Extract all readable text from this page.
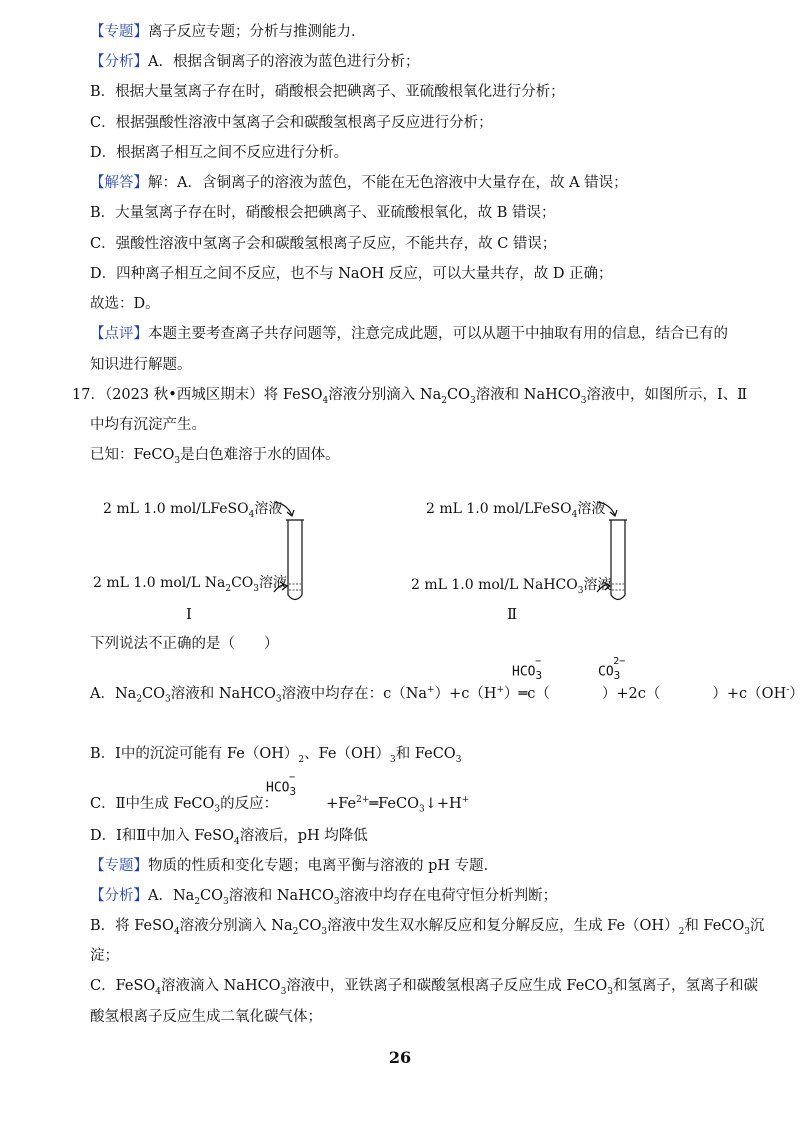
【专题】离子反应专题；分析与推测能力．
【分析】A．根据含铜离子的溶液为蓝色进行分析；
B．根据大量氢离子存在时，硝酸根会把碘离子、亚硫酸根氧化进行分析；
C．根据强酸性溶液中氢离子会和碳酸氢根离子反应进行分析；
D．根据离子相互之间不反应进行分析。
【解答】解：A．含铜离子的溶液为蓝色，不能在无色溶液中大量存在，故 A 错误；
B．大量氢离子存在时，硝酸根会把碘离子、亚硫酸根氧化，故 B 错误；
C．强酸性溶液中氢离子会和碳酸氢根离子反应，不能共存，故 C 错误；
D．四种离子相互之间不反应，也不与 NaOH 反应，可以大量共存，故 D 正确；
故选：D。
【点评】本题主要考查离子共存问题等，注意完成此题，可以从题干中抽取有用的信息，结合已有的
知识进行解题。
17．（2023 秋•西城区期末）将 FeSO$_4$溶液分别滴入 $Na_2CO_3$溶液和 NaHCO$_3$溶液中，如图所示，Ⅰ、Ⅱ
中均有沉淀产生。
已知：FeCO$_3$是白色难溶于水的固体。
2 mL 1.0 mol/LFeSO$_4$溶液
2 mL 1.0 mol/L $Na_2CO_3$溶液
Ⅰ
2 mL 1.0 mol/LFeSO$_4$溶液
2 mL 1.0 mol/L NaHCO$_3$溶液
Ⅱ
下列说法不正确的是（　　）
A．$Na_2CO_3$溶液和 NaHCO$_3$溶液中均存在：c（Na+）+c（H+）═c（	）+2c（	）+c（OH-）
$HCO_3^-$
$CO_3^{2-}$
B．Ⅰ中的沉淀可能有 $Fe(OH)_2$、$Fe(OH)_3$和 FeCO$_3$
C．Ⅱ中生成 FeCO$_3$的反应：	$+Fe^{2+}═FeCO_3↓+H^+$
$HCO_3^-$
D．Ⅰ和Ⅱ中加入 FeSO$_4$溶液后，pH 均降低
【专题】物质的性质和变化专题；电离平衡与溶液的 pH 专题．
【分析】A．$Na_2CO_3$溶液和 NaHCO$_3$溶液中均存在电荷守恒分析判断；
B．将 FeSO$_4$溶液分别滴入 $Na_2CO_3$溶液中发生双水解反应和复分解反应，生成 $Fe(OH)_2$和 FeCO$_3$沉
淀；
C．FeSO$_4$溶液滴入 NaHCO$_3$溶液中，亚铁离子和碳酸氢根离子反应生成 FeCO$_3$和氢离子，氢离子和碳
酸氢根离子反应生成二氧化碳气体；
26
